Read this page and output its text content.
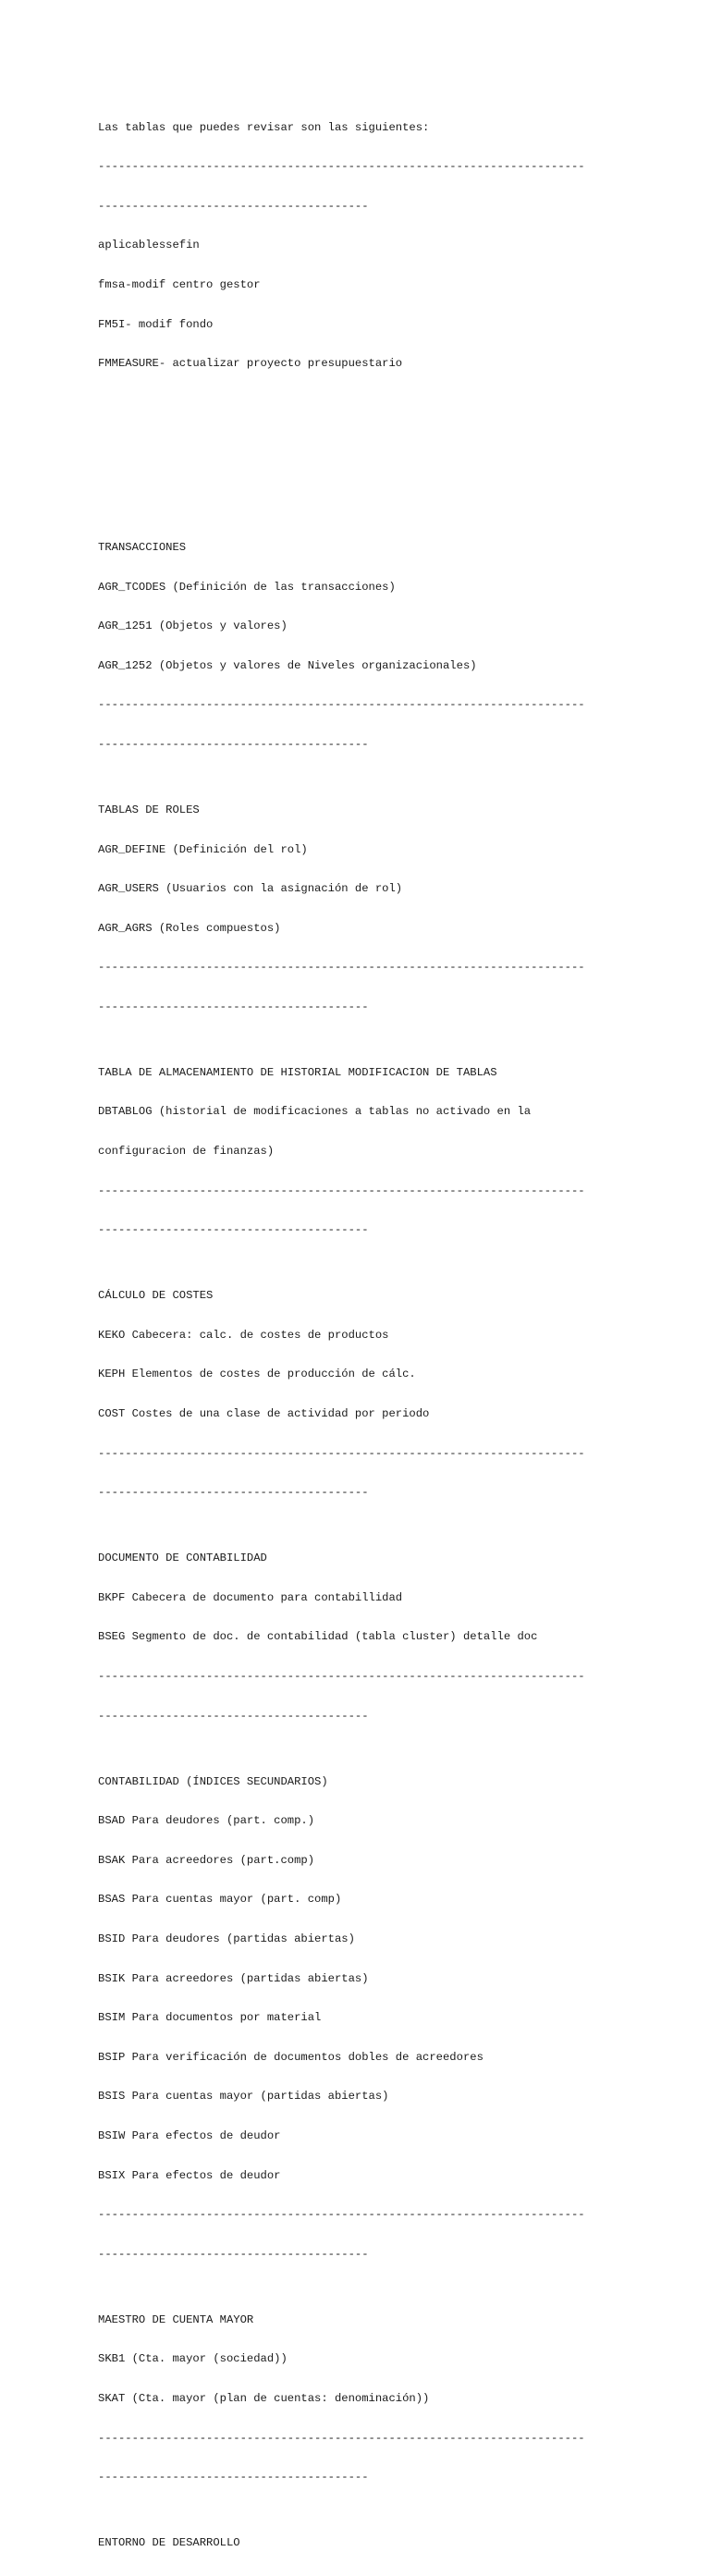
Las tablas que puedes revisar son las siguientes:

------------------------------------------------------------------------

----------------------------------------

aplicablessefin

fmsa-modif centro gestor

FM5I- modif fondo

FMMEASURE- actualizar proyecto presupuestario

TRANSACCIONES

AGR_TCODES (Definición de las transacciones)

AGR_1251 (Objetos y valores)

AGR_1252 (Objetos y valores de Niveles organizacionales)

------------------------------------------------------------------------

----------------------------------------

TABLAS DE ROLES

AGR_DEFINE (Definición del rol)

AGR_USERS (Usuarios con la asignación de rol)

AGR_AGRS (Roles compuestos)

------------------------------------------------------------------------

----------------------------------------

TABLA DE ALMACENAMIENTO DE HISTORIAL MODIFICACION DE TABLAS

DBTABLOG (historial de modificaciones a tablas no activado en la

configuracion de finanzas)

------------------------------------------------------------------------

----------------------------------------

CÁLCULO DE COSTES

KEKO Cabecera: calc. de costes de productos

KEPH Elementos de costes de producción de cálc.

COST Costes de una clase de actividad por periodo

------------------------------------------------------------------------

----------------------------------------

DOCUMENTO DE CONTABILIDAD

BKPF Cabecera de documento para contabillidad

BSEG Segmento de doc. de contabilidad (tabla cluster) detalle doc

------------------------------------------------------------------------

----------------------------------------

CONTABILIDAD (ÍNDICES SECUNDARIOS)

BSAD Para deudores (part. comp.)

BSAK Para acreedores (part.comp)

BSAS Para cuentas mayor (part. comp)

BSID Para deudores (partidas abiertas)

BSIK Para acreedores (partidas abiertas)

BSIM Para documentos por material

BSIP Para verificación de documentos dobles de acreedores

BSIS Para cuentas mayor (partidas abiertas)

BSIW Para efectos de deudor

BSIX Para efectos de deudor

------------------------------------------------------------------------

----------------------------------------

MAESTRO DE CUENTA MAYOR

SKB1 (Cta. mayor (sociedad))

SKAT (Cta. mayor (plan de cuentas: denominación))

------------------------------------------------------------------------

----------------------------------------

ENTORNO DE DESARROLLO
